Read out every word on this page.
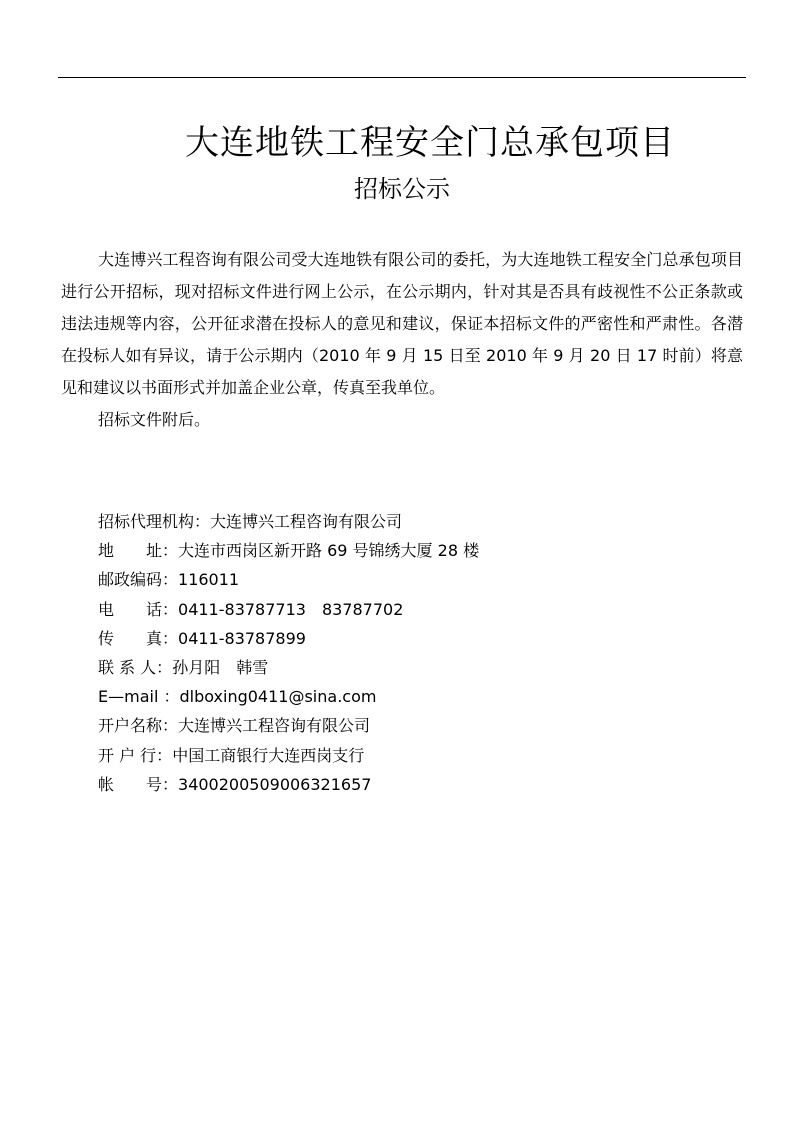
大连地铁工程安全门总承包项目
招标公示

大连博兴工程咨询有限公司受大连地铁有限公司的委托，为大连地铁工程安全门总承包项目进行公开招标，现对招标文件进行网上公示，在公示期内，针对其是否具有歧视性不公正条款或违法违规等内容，公开征求潜在投标人的意见和建议，保证本招标文件的严密性和严肃性。各潜在投标人如有异议，请于公示期内（2010 年 9 月 15 日至 2010 年 9 月 20 日 17 时前）将意见和建议以书面形式并加盖企业公章，传真至我单位。

招标文件附后。

招标代理机构： 大连博兴工程咨询有限公司
地　　址： 大连市西岗区新开路 69 号锦绣大厦 28 楼
邮政编码： 116011
电　　话： 0411-83787713　83787702
传　　真： 0411-83787899
联 系 人： 孙月阳　韩雪
E—mail ： dlboxing0411@sina.com
开户名称： 大连博兴工程咨询有限公司
开 户 行： 中国工商银行大连西岗支行
帐　　号： 3400200509006321657
